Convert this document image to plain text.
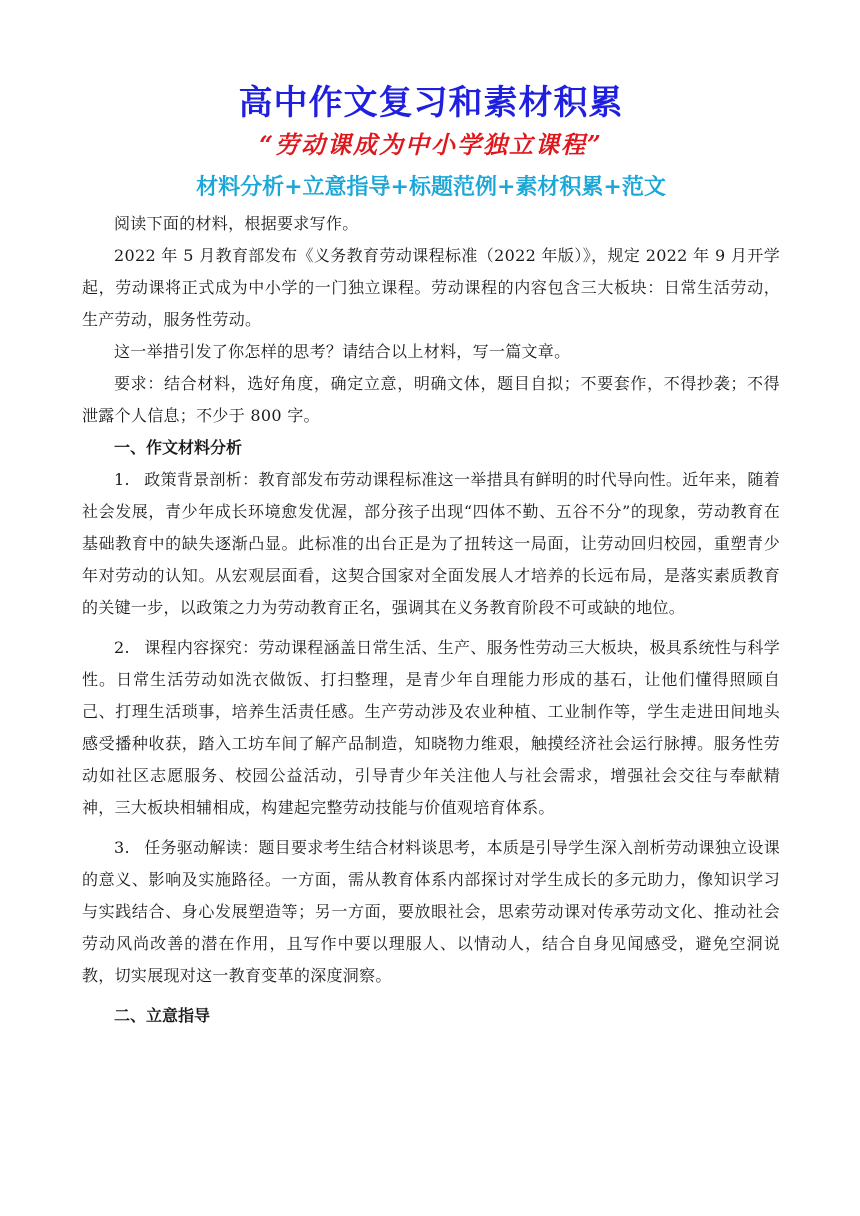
高中作文复习和素材积累
“劳动课成为中小学独立课程”
材料分析+立意指导+标题范例+素材积累+范文

阅读下面的材料，根据要求写作。

2022 年 5 月教育部发布《义务教育劳动课程标准（2022 年版）》，规定 2022 年 9 月开学起，劳动课将正式成为中小学的一门独立课程。劳动课程的内容包含三大板块：日常生活劳动，生产劳动，服务性劳动。

这一举措引发了你怎样的思考？请结合以上材料，写一篇文章。

要求：结合材料，选好角度，确定立意，明确文体，题目自拟；不要套作，不得抄袭；不得泄露个人信息；不少于 800 字。

一、作文材料分析

1. 政策背景剖析：教育部发布劳动课程标准这一举措具有鲜明的时代导向性。近年来，随着社会发展，青少年成长环境愈发优渥，部分孩子出现“四体不勤、五谷不分”的现象，劳动教育在基础教育中的缺失逐渐凸显。此标准的出台正是为了扭转这一局面，让劳动回归校园，重塑青少年对劳动的认知。从宏观层面看，这契合国家对全面发展人才培养的长远布局，是落实素质教育的关键一步，以政策之力为劳动教育正名，强调其在义务教育阶段不可或缺的地位。

2. 课程内容探究：劳动课程涵盖日常生活、生产、服务性劳动三大板块，极具系统性与科学性。日常生活劳动如洗衣做饭、打扫整理，是青少年自理能力形成的基石，让他们懂得照顾自己、打理生活琐事，培养生活责任感。生产劳动涉及农业种植、工业制作等，学生走进田间地头感受播种收获，踏入工坊车间了解产品制造，知晓物力维艰，触摸经济社会运行脉搏。服务性劳动如社区志愿服务、校园公益活动，引导青少年关注他人与社会需求，增强社会交往与奉献精神，三大板块相辅相成，构建起完整劳动技能与价值观培育体系。

3. 任务驱动解读：题目要求考生结合材料谈思考，本质是引导学生深入剖析劳动课独立设课的意义、影响及实施路径。一方面，需从教育体系内部探讨对学生成长的多元助力，像知识学习与实践结合、身心发展塑造等；另一方面，要放眼社会，思索劳动课对传承劳动文化、推动社会劳动风尚改善的潜在作用，且写作中要以理服人、以情动人，结合自身见闻感受，避免空洞说教，切实展现对这一教育变革的深度洞察。

二、立意指导
